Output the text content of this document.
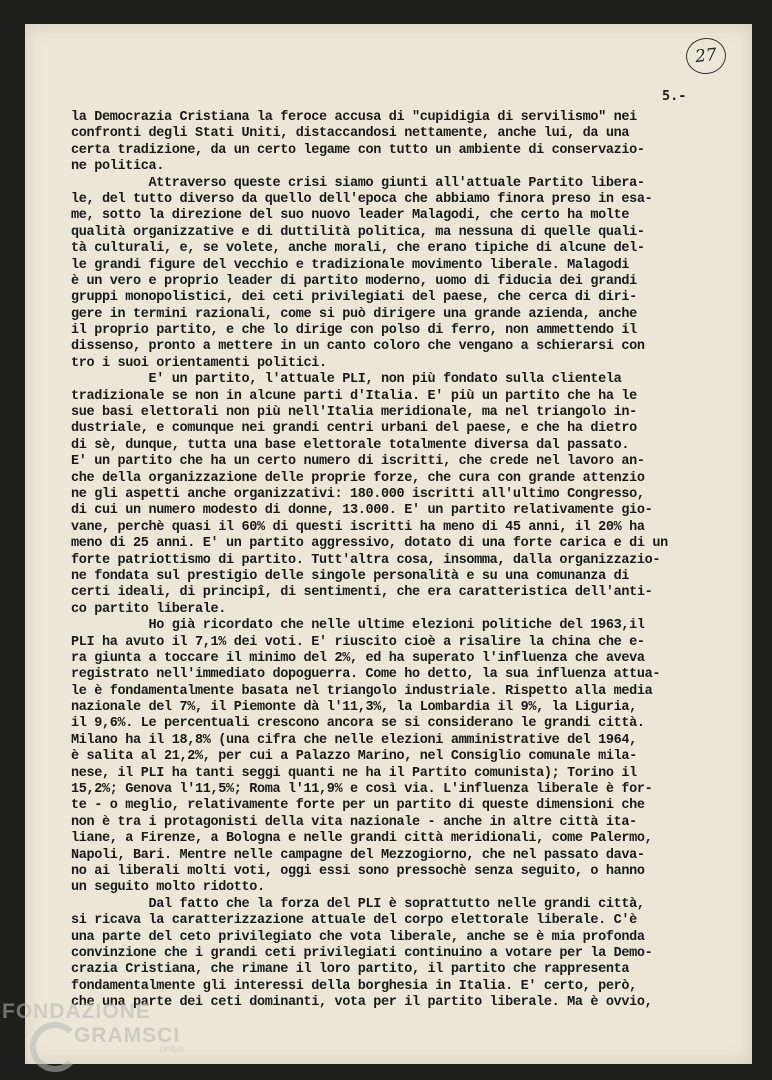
27
5.-
la Democrazia Cristiana la feroce accusa di "cupidigia di servilismo" nei
confronti degli Stati Uniti, distaccandosi nettamente, anche lui, da una
certa tradizione, da un certo legame con tutto un ambiente di conservazio-
ne politica.
Attraverso queste crisi siamo giunti all'attuale Partito libera-
le, del tutto diverso da quello dell'epoca che abbiamo finora preso in esa-
me, sotto la direzione del suo nuovo leader Malagodi, che certo ha molte
qualità organizzative e di duttilità politica, ma nessuna di quelle quali-
tà culturali, e, se volete, anche morali, che erano tipiche di alcune del-
le grandi figure del vecchio e tradizionale movimento liberale. Malagodi
è un vero e proprio leader di partito moderno, uomo di fiducia dei grandi
gruppi monopolistici, dei ceti privilegiati del paese, che cerca di diri-
gere in termini razionali, come si può dirigere una grande azienda, anche
il proprio partito, e che lo dirige con polso di ferro, non ammettendo il
dissenso, pronto a mettere in un canto coloro che vengano a schierarsi con
tro i suoi orientamenti politici.
E' un partito, l'attuale PLI, non più fondato sulla clientela
tradizionale se non in alcune parti d'Italia. E' più un partito che ha le
sue basi elettorali non più nell'Italia meridionale, ma nel triangolo in-
dustriale, e comunque nei grandi centri urbani del paese, e che ha dietro
di sè, dunque, tutta una base elettorale totalmente diversa dal passato.
E' un partito che ha un certo numero di iscritti, che crede nel lavoro an-
che della organizzazione delle proprie forze, che cura con grande attenzio
ne gli aspetti anche organizzativi: 180.000 iscritti all'ultimo Congresso,
di cui un numero modesto di donne, 13.000. E' un partito relativamente gio-
vane, perchè quasi il 60% di questi iscritti ha meno di 45 anni, il 20% ha
meno di 25 anni. E' un partito aggressivo, dotato di una forte carica e di un
forte patriottismo di partito. Tutt'altra cosa, insomma, dalla organizzazio-
ne fondata sul prestigio delle singole personalità e su una comunanza di
certi ideali, di principî, di sentimenti, che era caratteristica dell'anti-
co partito liberale.
Ho già ricordato che nelle ultime elezioni politiche del 1963,il
PLI ha avuto il 7,1% dei voti. E' riuscito cioè a risalire la china che e-
ra giunta a toccare il minimo del 2%, ed ha superato l'influenza che aveva
registrato nell'immediato dopoguerra. Come ho detto, la sua influenza attua-
le è fondamentalmente basata nel triangolo industriale. Rispetto alla media
nazionale del 7%, il Piemonte dà l'11,3%, la Lombardia il 9%, la Liguria,
il 9,6%. Le percentuali crescono ancora se si considerano le grandi città.
Milano ha il 18,8% (una cifra che nelle elezioni amministrative del 1964,
è salita al 21,2%, per cui a Palazzo Marino, nel Consiglio comunale mila-
nese, il PLI ha tanti seggi quanti ne ha il Partito comunista); Torino il
15,2%; Genova l'11,5%; Roma l'11,9% e così via. L'influenza liberale è for-
te - o meglio, relativamente forte per un partito di queste dimensioni che
non è tra i protagonisti della vita nazionale - anche in altre città ita-
liane, a Firenze, a Bologna e nelle grandi città meridionali, come Palermo,
Napoli, Bari. Mentre nelle campagne del Mezzogiorno, che nel passato dava-
no ai liberali molti voti, oggi essi sono pressochè senza seguito, o hanno
un seguito molto ridotto.
Dal fatto che la forza del PLI è soprattutto nelle grandi città,
si ricava la caratterizzazione attuale del corpo elettorale liberale. C'è
una parte del ceto privilegiato che vota liberale, anche se è mia profonda
convinzione che i grandi ceti privilegiati continuino a votare per la Demo-
crazia Cristiana, che rimane il loro partito, il partito che rappresenta
fondamentalmente gli interessi della borghesia in Italia. E' certo, però,
che una parte dei ceti dominanti, vota per il partito liberale. Ma è ovvio,
FONDAZIONE
GRAMSCI
onlus
